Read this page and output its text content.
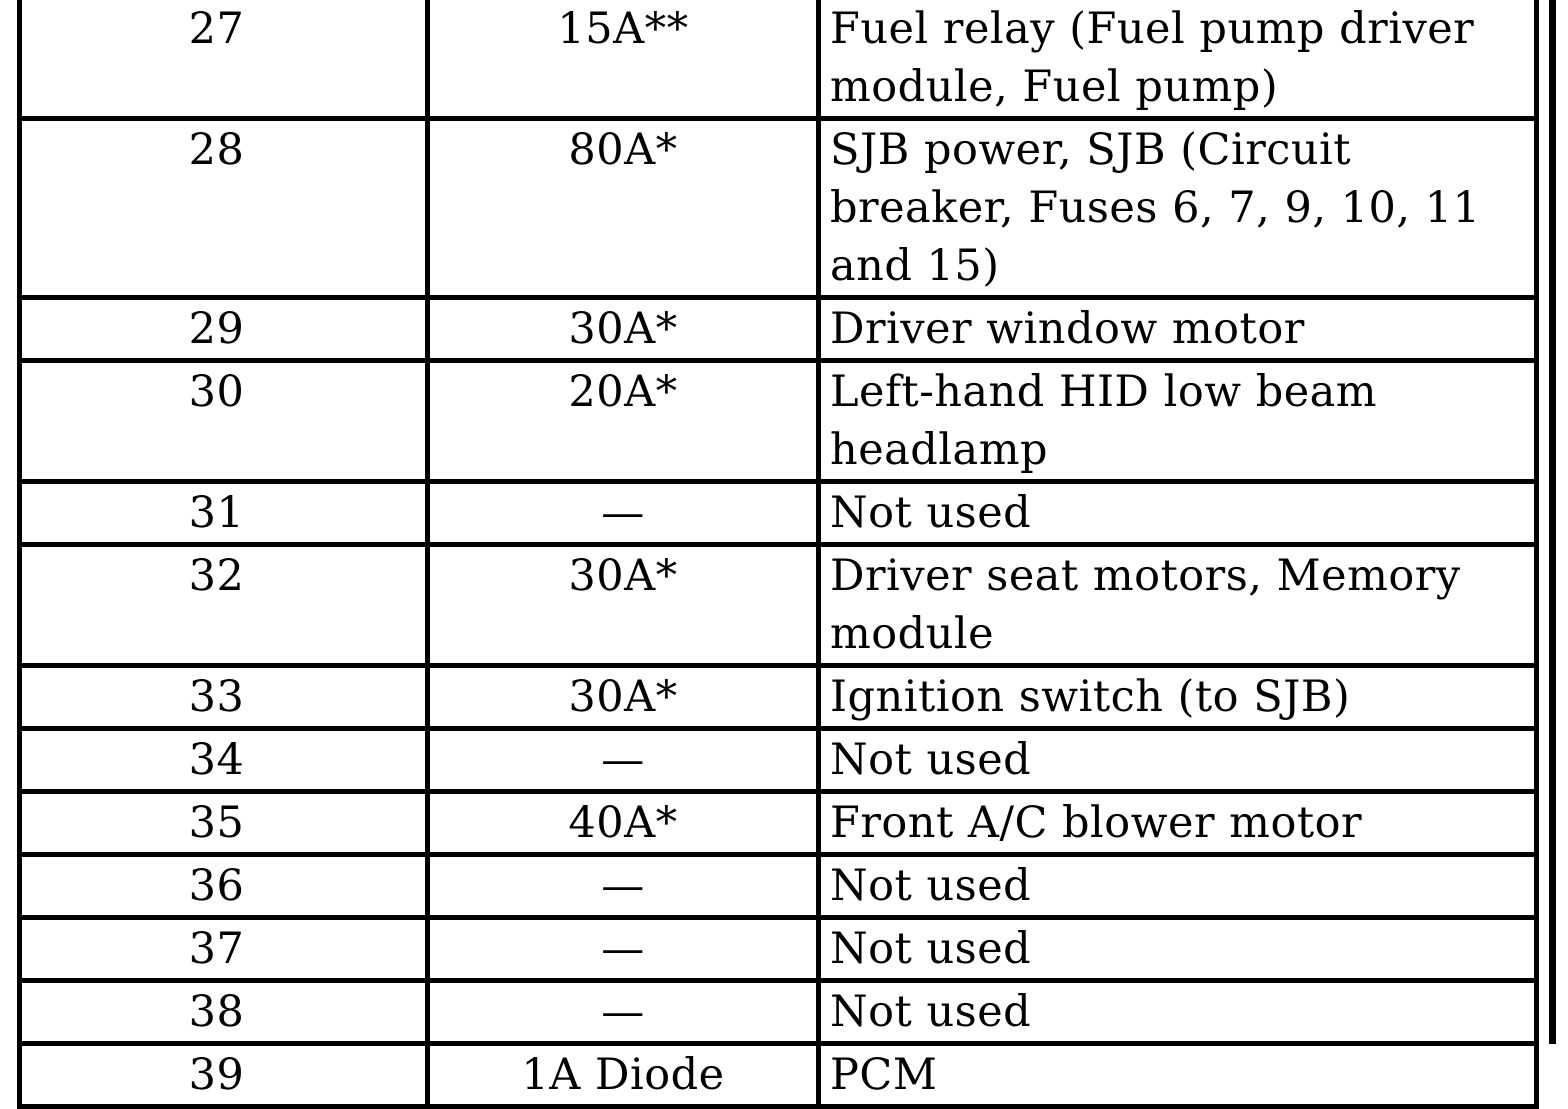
27	15A**	Fuel relay (Fuel pump driver module, Fuel pump)
28	80A*	SJB power, SJB (Circuit breaker, Fuses 6, 7, 9, 10, 11 and 15)
29	30A*	Driver window motor
30	20A*	Left-hand HID low beam headlamp
31	—	Not used
32	30A*	Driver seat motors, Memory module
33	30A*	Ignition switch (to SJB)
34	—	Not used
35	40A*	Front A/C blower motor
36	—	Not used
37	—	Not used
38	—	Not used
39	1A Diode	PCM
